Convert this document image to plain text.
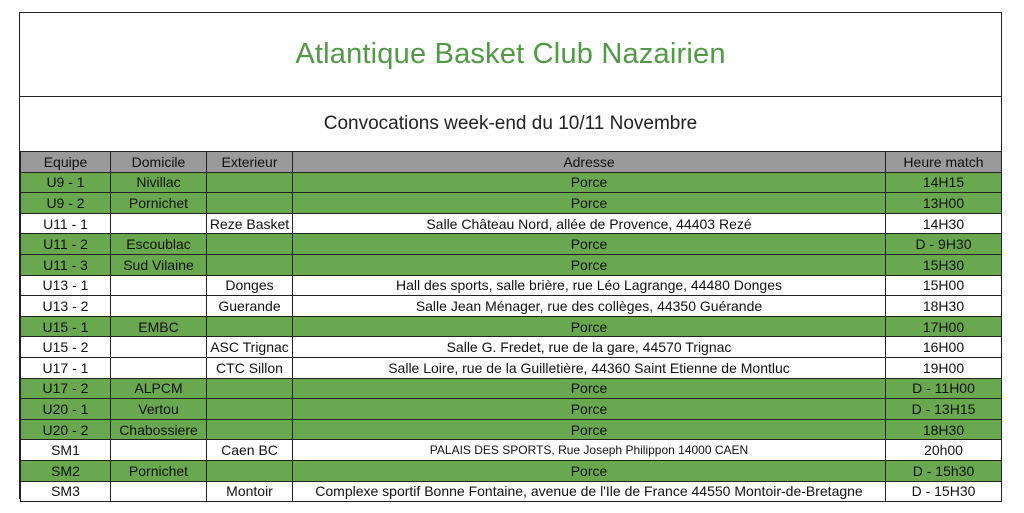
Atlantique Basket Club Nazairien
Convocations week-end du 10/11 Novembre
Equipe	Domicile	Exterieur	Adresse	Heure match
U9 - 1	Nivillac		Porce	14H15
U9 - 2	Pornichet		Porce	13H00
U11 - 1		Reze Basket	Salle Château Nord, allée de Provence, 44403 Rezé	14H30
U11 - 2	Escoublac		Porce	D - 9H30
U11 - 3	Sud Vilaine		Porce	15H30
U13 - 1		Donges	Hall des sports, salle brière, rue Léo Lagrange, 44480 Donges	15H00
U13 - 2		Guerande	Salle Jean Ménager, rue des collèges, 44350 Guérande	18H30
U15 - 1	EMBC		Porce	17H00
U15 - 2		ASC Trignac	Salle G. Fredet, rue de la gare, 44570 Trignac	16H00
U17 - 1		CTC Sillon	Salle Loire, rue de la Guilletière, 44360 Saint Etienne de Montluc	19H00
U17 - 2	ALPCM		Porce	D - 11H00
U20 - 1	Vertou		Porce	D - 13H15
U20 - 2	Chabossiere		Porce	18H30
SM1		Caen BC	PALAIS DES SPORTS, Rue Joseph Philippon 14000 CAEN	20h00
SM2	Pornichet		Porce	D - 15h30
SM3		Montoir	Complexe sportif Bonne Fontaine, avenue de l'Ile de France 44550 Montoir-de-Bretagne	D - 15H30
